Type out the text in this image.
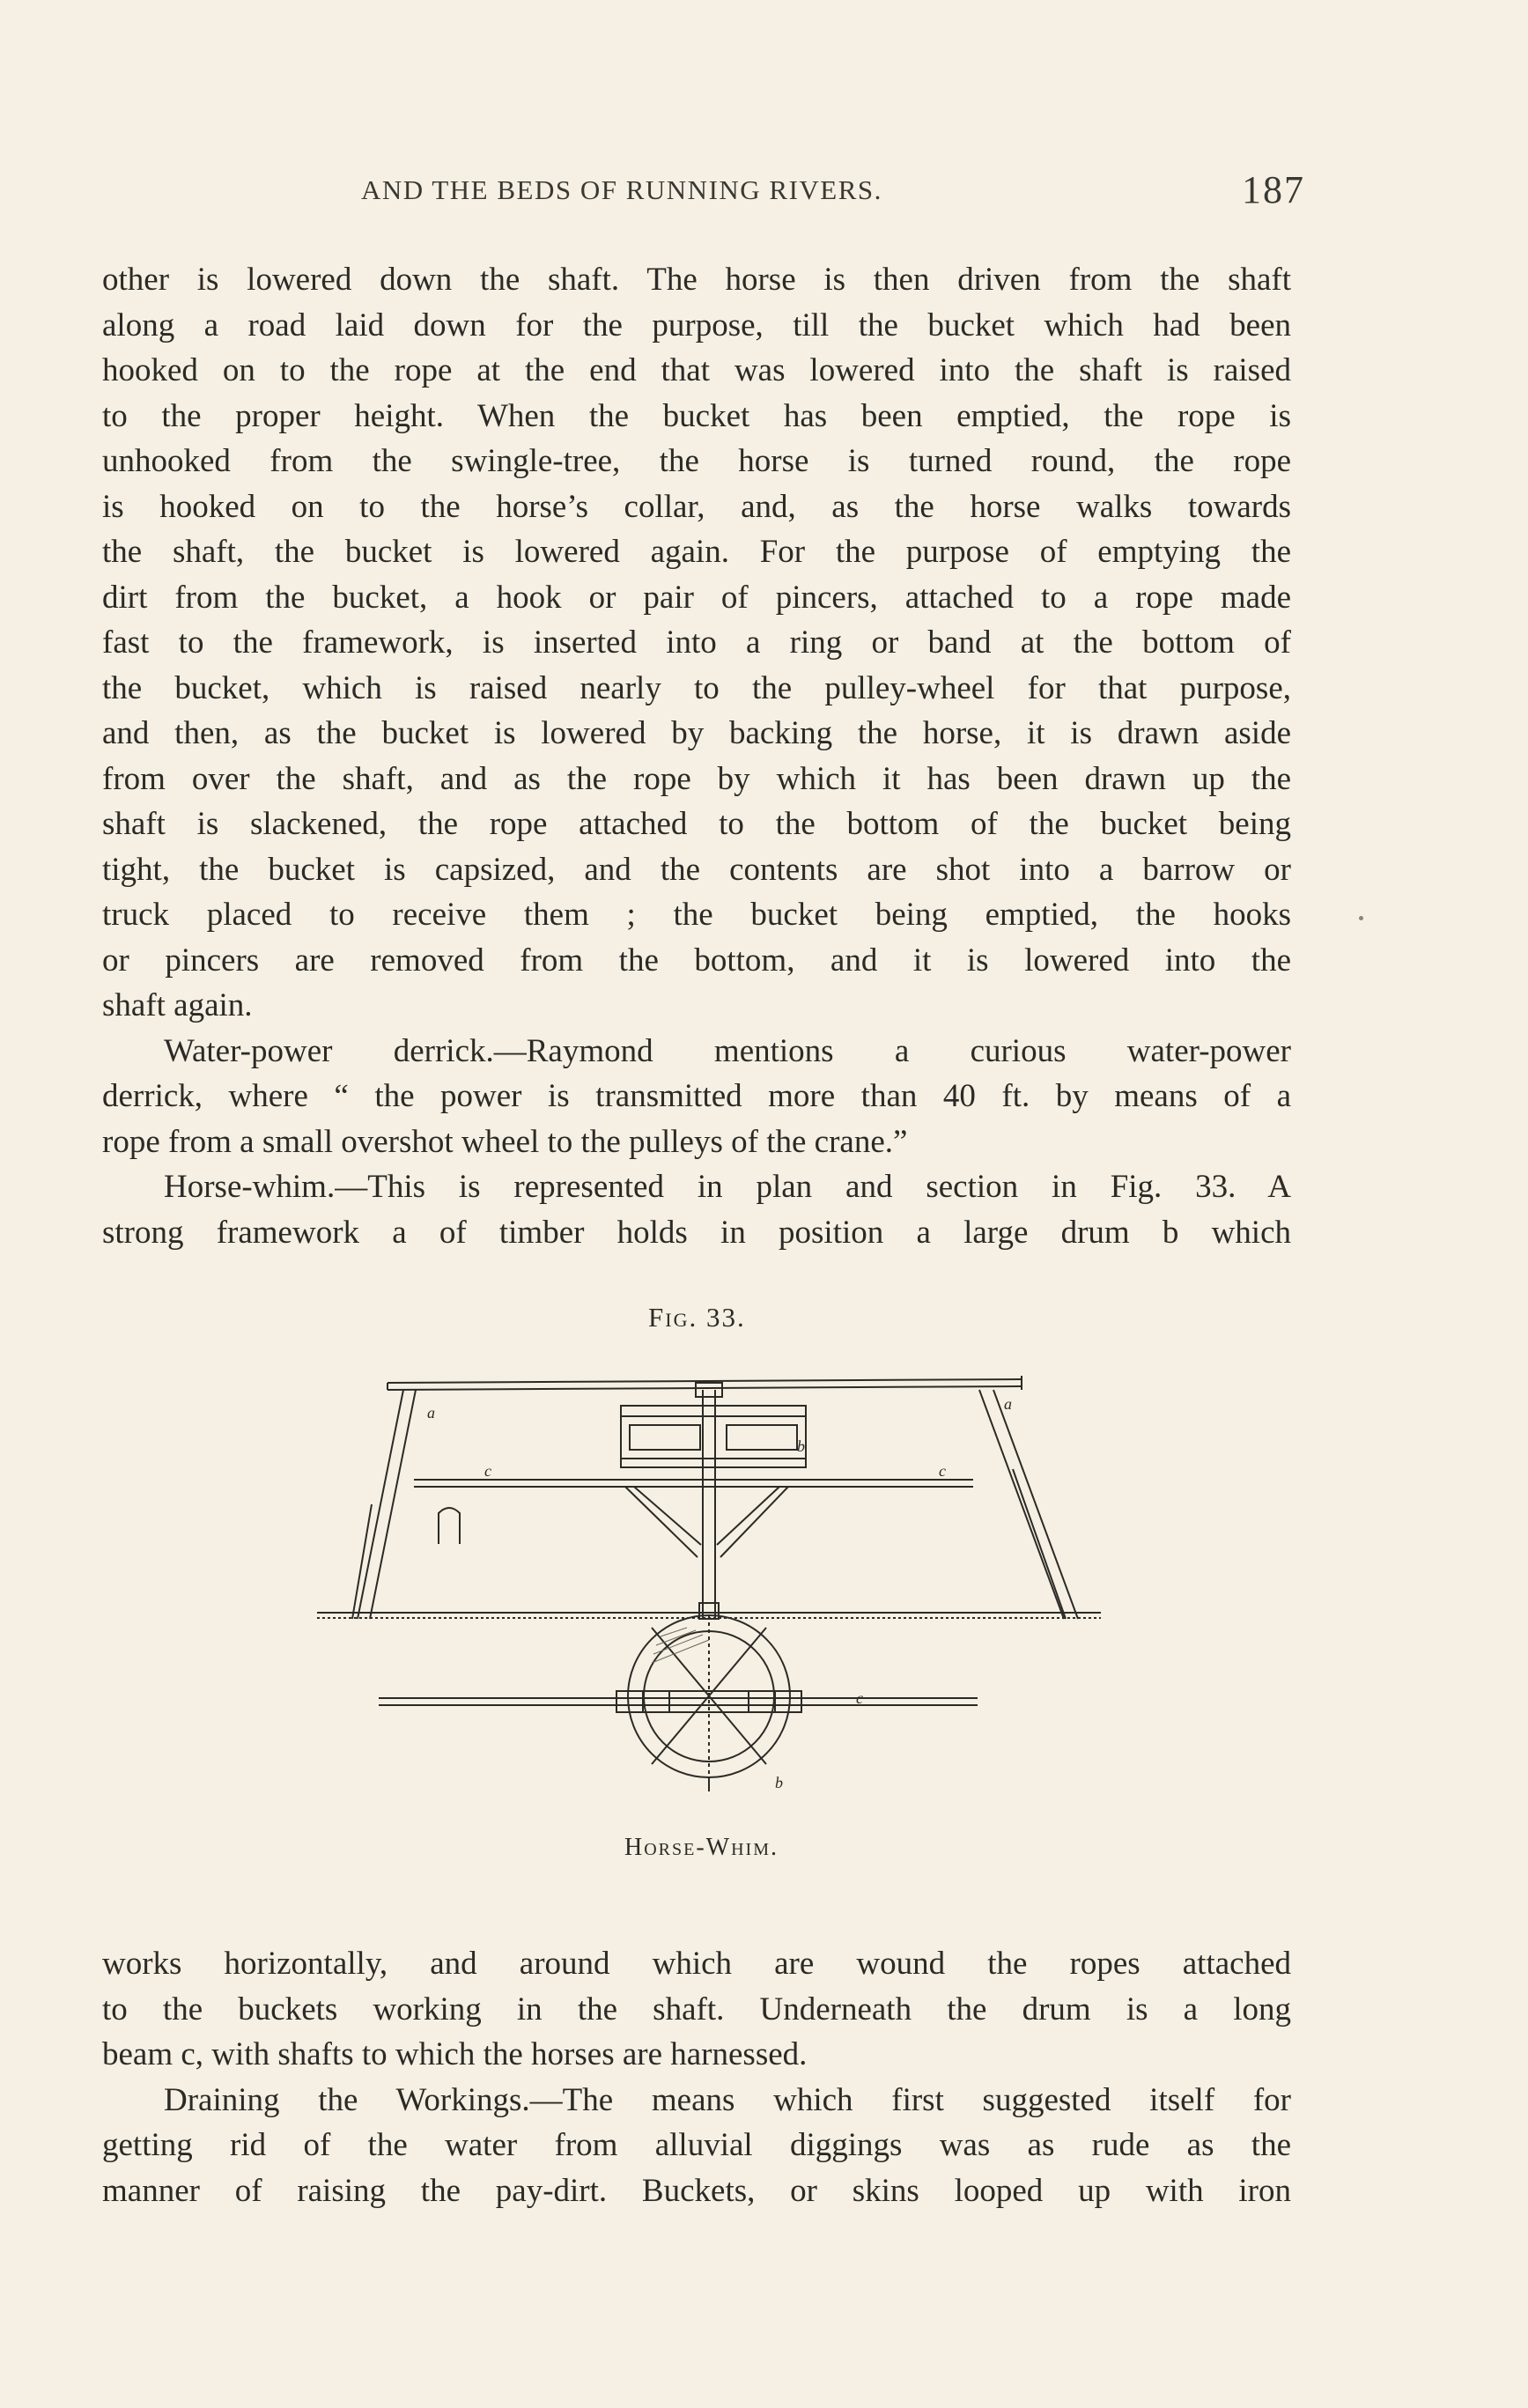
AND THE BEDS OF RUNNING RIVERS.	187
other is lowered down the shaft. The horse is then driven from the shaft
along a road laid down for the purpose, till the bucket which had been
hooked on to the rope at the end that was lowered into the shaft is raised
to the proper height. When the bucket has been emptied, the rope is
unhooked from the swingle-tree, the horse is turned round, the rope
is hooked on to the horse’s collar, and, as the horse walks towards
the shaft, the bucket is lowered again. For the purpose of emptying the
dirt from the bucket, a hook or pair of pincers, attached to a rope made
fast to the framework, is inserted into a ring or band at the bottom of
the bucket, which is raised nearly to the pulley-wheel for that purpose,
and then, as the bucket is lowered by backing the horse, it is drawn aside
from over the shaft, and as the rope by which it has been drawn up the
shaft is slackened, the rope attached to the bottom of the bucket being
tight, the bucket is capsized, and the contents are shot into a barrow or
truck placed to receive them ; the bucket being emptied, the hooks
or pincers are removed from the bottom, and it is lowered into the
shaft again.
Water-power derrick.—Raymond mentions a curious water-power
derrick, where “ the power is transmitted more than 40 ft. by means of a
rope from a small overshot wheel to the pulleys of the crane.”
Horse-whim.—This is represented in plan and section in Fig. 33. A
strong framework a of timber holds in position a large drum b which
Fig. 33.
a	a
b
c	c
c
b
Horse-Whim.
works horizontally, and around which are wound the ropes attached
to the buckets working in the shaft. Underneath the drum is a long
beam c, with shafts to which the horses are harnessed.
Draining the Workings.—The means which first suggested itself for
getting rid of the water from alluvial diggings was as rude as the
manner of raising the pay-dirt. Buckets, or skins looped up with iron
